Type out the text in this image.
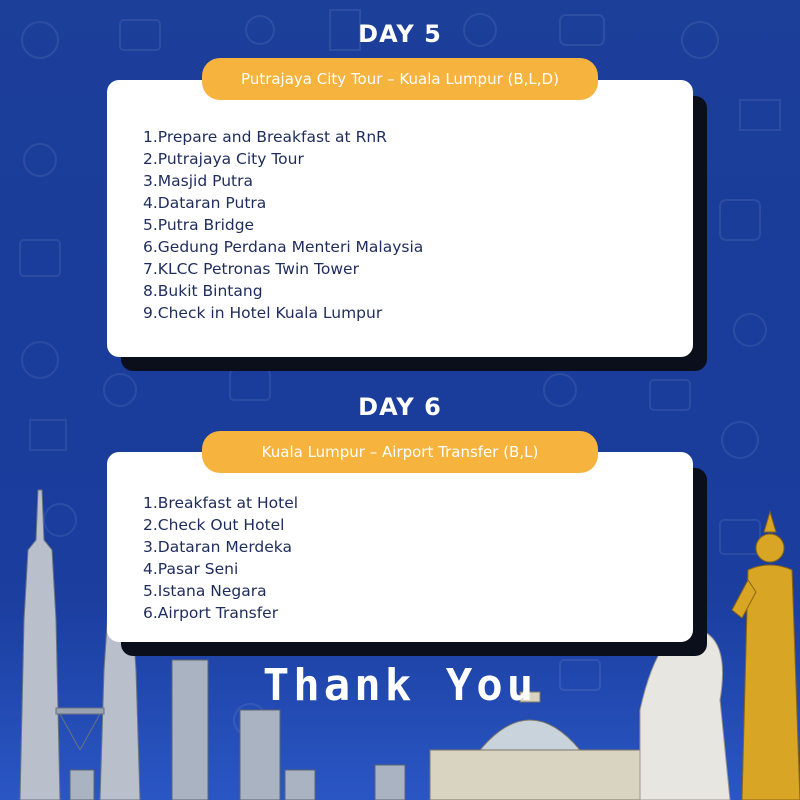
DAY 5
Putrajaya City Tour – Kuala Lumpur (B,L,D)
1.Prepare and Breakfast at RnR
2.Putrajaya City Tour
3.Masjid Putra
4.Dataran Putra
5.Putra Bridge
6.Gedung Perdana Menteri Malaysia
7.KLCC Petronas Twin Tower
8.Bukit Bintang
9.Check in Hotel Kuala Lumpur
DAY 6
Kuala Lumpur – Airport Transfer (B,L)
1.Breakfast at Hotel
2.Check Out Hotel
3.Dataran Merdeka
4.Pasar Seni
5.Istana Negara
6.Airport Transfer
Thank You
